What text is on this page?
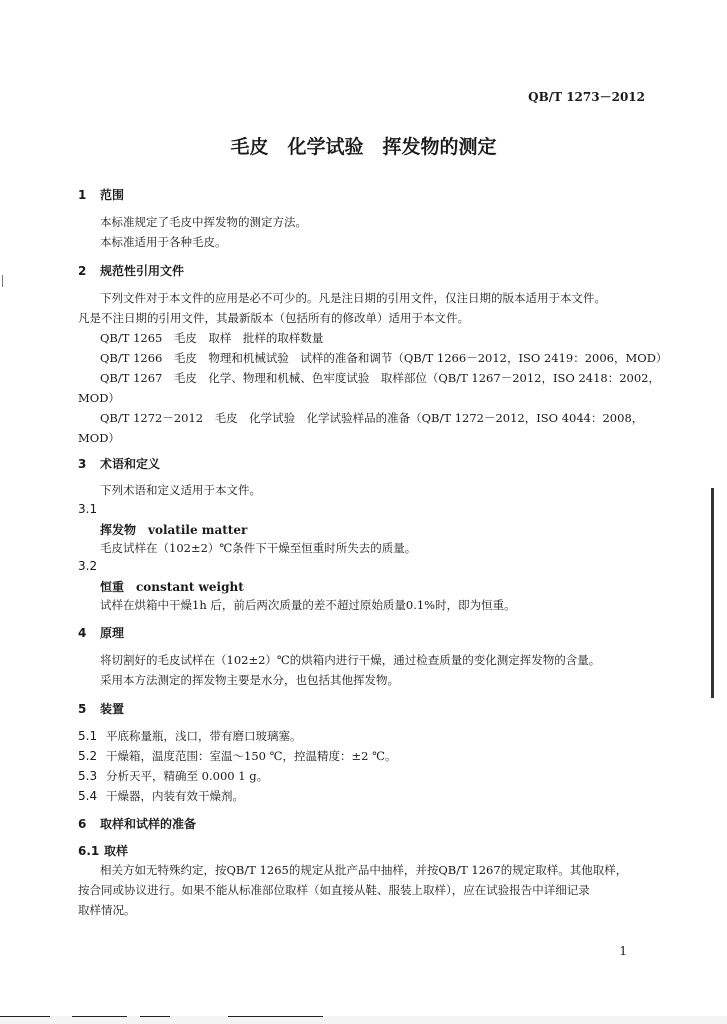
QB/T 1273－2012
毛皮　化学试验　挥发物的测定
1 范围
本标准规定了毛皮中挥发物的测定方法。
本标准适用于各种毛皮。
2 规范性引用文件
下列文件对于本文件的应用是必不可少的。凡是注日期的引用文件，仅注日期的版本适用于本文件。
凡是不注日期的引用文件，其最新版本（包括所有的修改单）适用于本文件。
QB/T 1265　毛皮　取样　批样的取样数量
QB/T 1266　毛皮　物理和机械试验　试样的准备和调节（QB/T 1266－2012，ISO 2419：2006，MOD）
QB/T 1267　毛皮　化学、物理和机械、色牢度试验　取样部位（QB/T 1267－2012，ISO 2418：2002，
MOD）
QB/T 1272－2012　毛皮　化学试验　化学试验样品的准备（QB/T 1272－2012，ISO 4044：2008，
MOD）
3 术语和定义
下列术语和定义适用于本文件。
3.1
挥发物　volatile matter
毛皮试样在（102±2）℃条件下干燥至恒重时所失去的质量。
3.2
恒重　constant weight
试样在烘箱中干燥1h 后，前后两次质量的差不超过原始质量0.1%时，即为恒重。
4 原理
将切割好的毛皮试样在（102±2）℃的烘箱内进行干燥，通过检查质量的变化测定挥发物的含量。
采用本方法测定的挥发物主要是水分，也包括其他挥发物。
5 装置
5.1 平底称量瓶，浅口，带有磨口玻璃塞。
5.2 干燥箱，温度范围：室温～150 ℃，控温精度：±2 ℃。
5.3 分析天平，精确至 0.000 1 g。
5.4 干燥器，内装有效干燥剂。
6 取样和试样的准备
6.1 取样
相关方如无特殊约定，按QB/T 1265的规定从批产品中抽样，并按QB/T 1267的规定取样。其他取样，
按合同或协议进行。如果不能从标准部位取样（如直接从鞋、服装上取样），应在试验报告中详细记录
取样情况。
1
